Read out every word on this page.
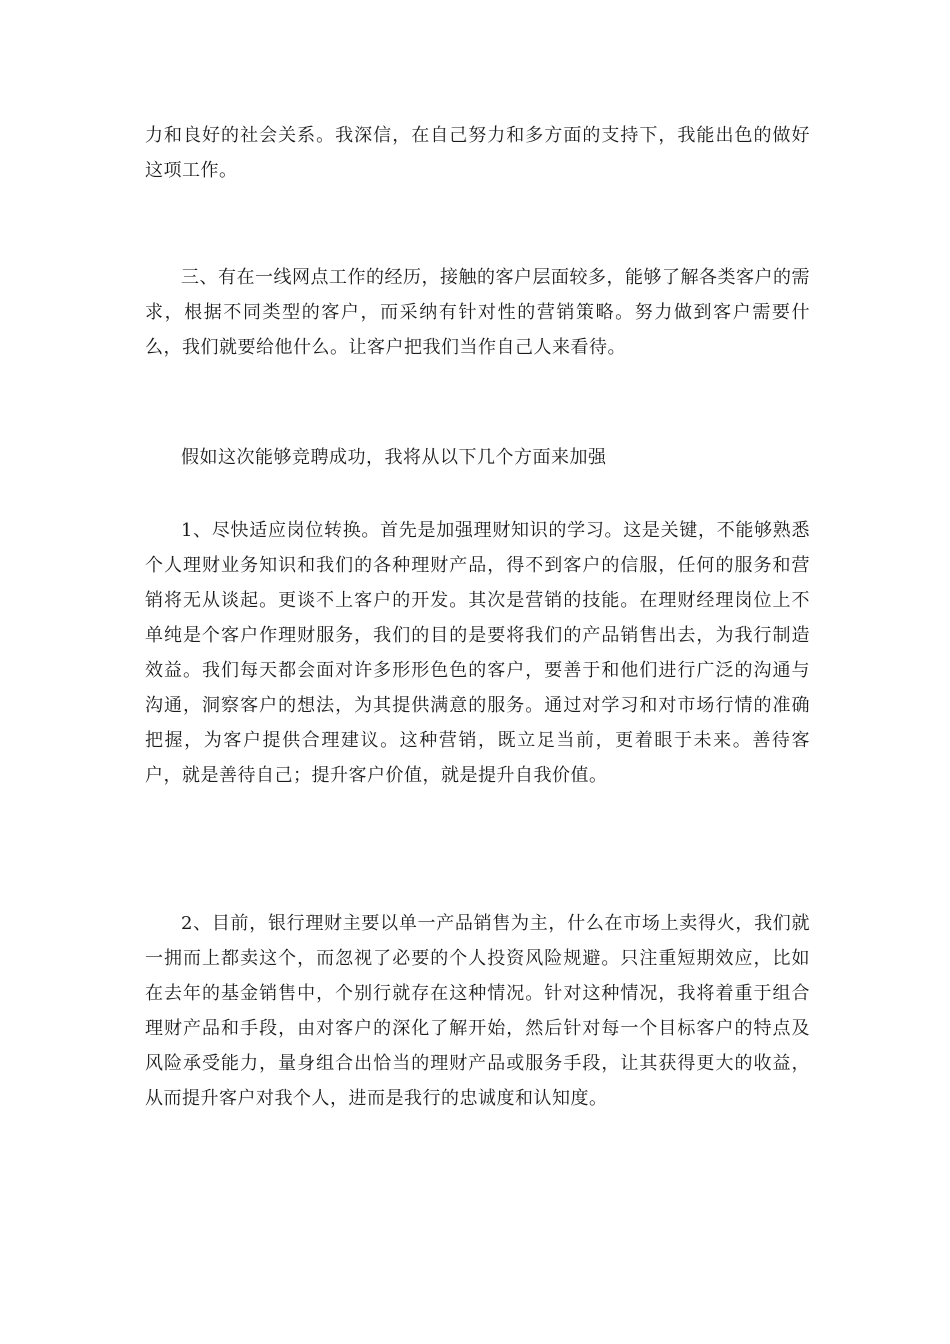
力和良好的社会关系。我深信，在自己努力和多方面的支持下，我能出色的做好这项工作。

三、有在一线网点工作的经历，接触的客户层面较多，能够了解各类客户的需求，根据不同类型的客户，而采纳有针对性的营销策略。努力做到客户需要什么，我们就要给他什么。让客户把我们当作自己人来看待。

假如这次能够竞聘成功，我将从以下几个方面来加强

1、尽快适应岗位转换。首先是加强理财知识的学习。这是关键，不能够熟悉个人理财业务知识和我们的各种理财产品，得不到客户的信服，任何的服务和营销将无从谈起。更谈不上客户的开发。其次是营销的技能。在理财经理岗位上不单纯是个客户作理财服务，我们的目的是要将我们的产品销售出去，为我行制造效益。我们每天都会面对许多形形色色的客户，要善于和他们进行广泛的沟通与沟通，洞察客户的想法，为其提供满意的服务。通过对学习和对市场行情的准确把握，为客户提供合理建议。这种营销，既立足当前，更着眼于未来。善待客户，就是善待自己；提升客户价值，就是提升自我价值。

2、目前，银行理财主要以单一产品销售为主，什么在市场上卖得火，我们就一拥而上都卖这个，而忽视了必要的个人投资风险规避。只注重短期效应，比如在去年的基金销售中，个别行就存在这种情况。针对这种情况，我将着重于组合理财产品和手段，由对客户的深化了解开始，然后针对每一个目标客户的特点及风险承受能力，量身组合出恰当的理财产品或服务手段，让其获得更大的收益，从而提升客户对我个人，进而是我行的忠诚度和认知度。
